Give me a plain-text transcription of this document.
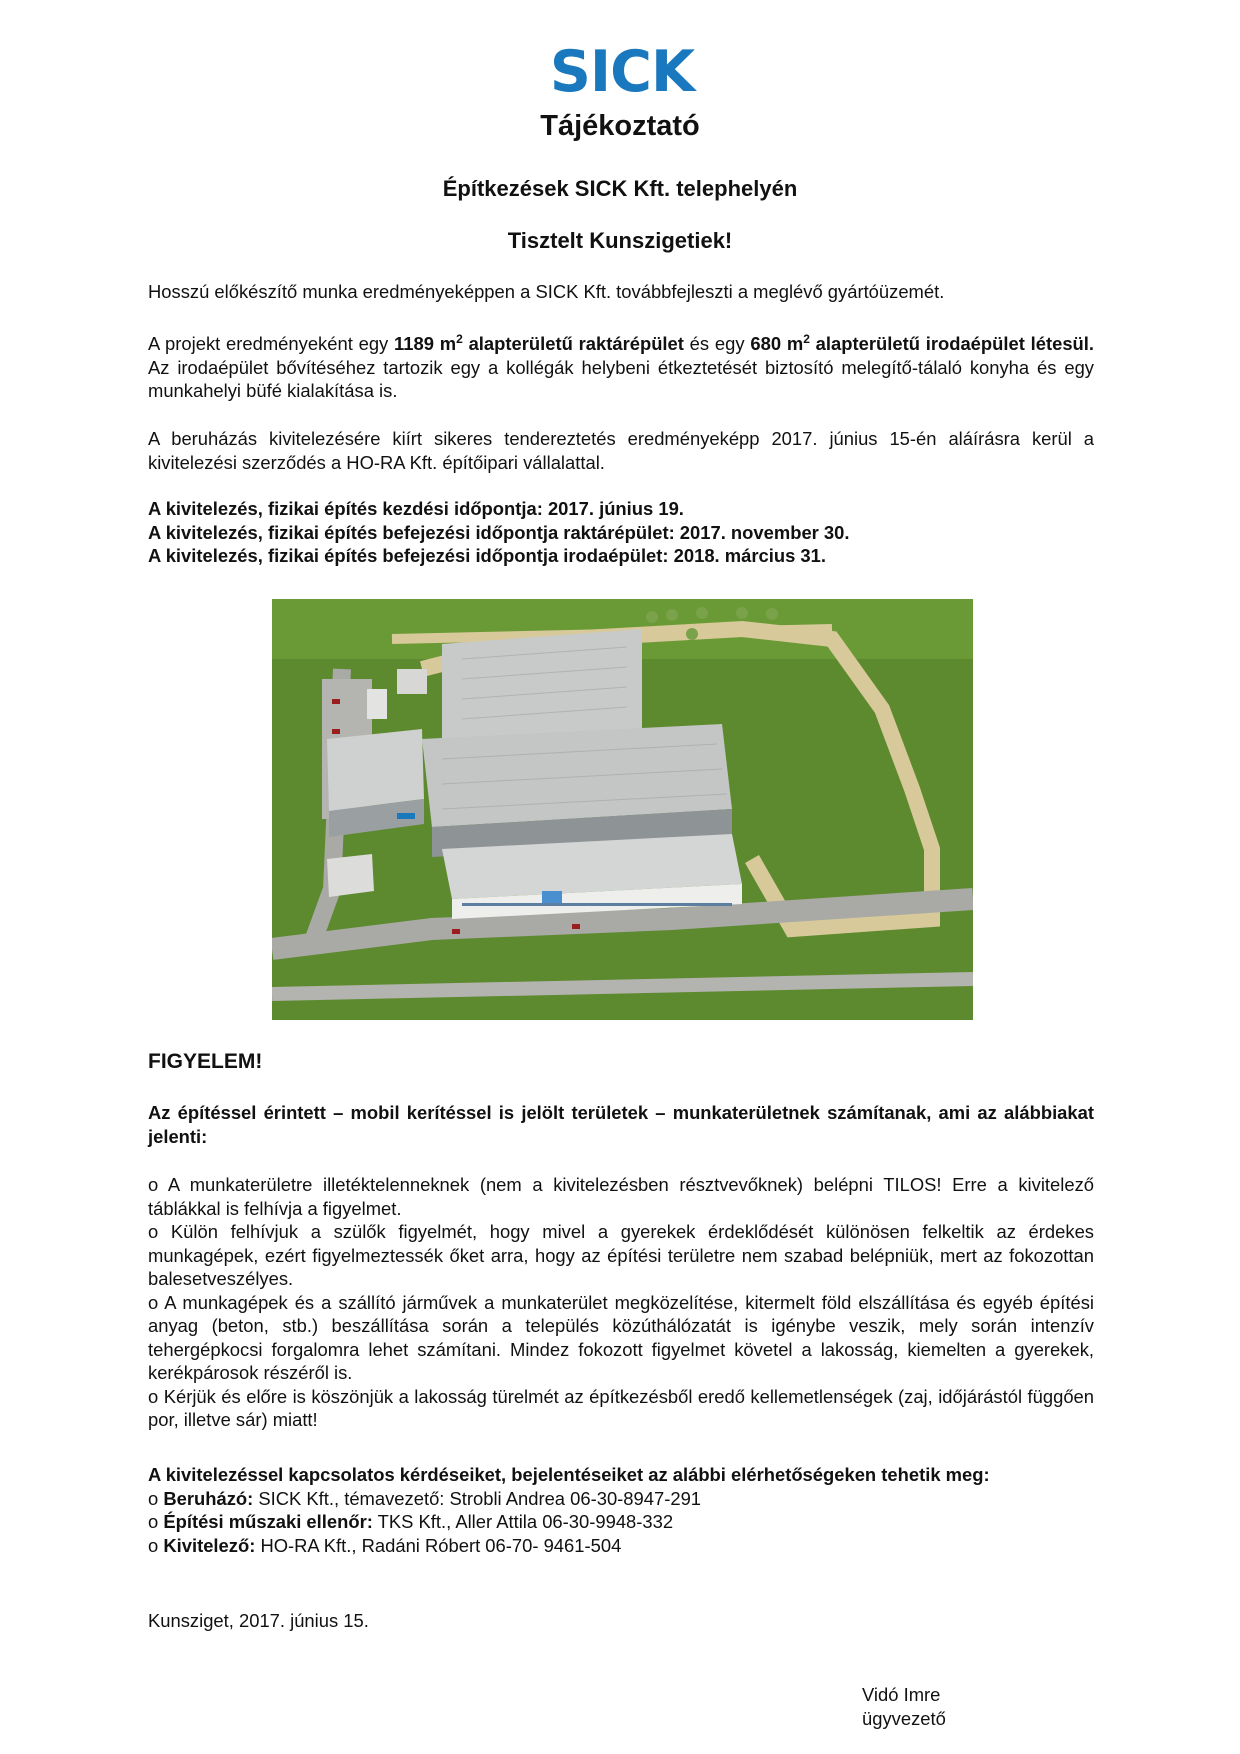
SICK
Tájékoztató
Építkezések SICK Kft. telephelyén
Tisztelt Kunszigetiek!
Hosszú előkészítő munka eredményeképpen a SICK Kft. továbbfejleszti a meglévő gyártóüzemét.
A projekt eredményeként egy 1189 $m^2$ alapterületű raktárépület és egy 680 $m^2$ alapterületű irodaépület létesül. Az irodaépület bővítéséhez tartozik egy a kollégák helybeni étkeztetését biztosító melegítő-tálaló konyha és egy munkahelyi büfé kialakítása is.
A beruházás kivitelezésére kiírt sikeres tendereztetés eredményeképp 2017. június 15-én aláírásra kerül a kivitelezési szerződés a HO-RA Kft. építőipari vállalattal.
A kivitelezés, fizikai építés kezdési időpontja: 2017. június 19.
A kivitelezés, fizikai építés befejezési időpontja raktárépület: 2017. november 30.
A kivitelezés, fizikai építés befejezési időpontja irodaépület: 2018. március 31.
FIGYELEM!
Az építéssel érintett – mobil kerítéssel is jelölt területek – munkaterületnek számítanak, ami az alábbiakat jelenti:

o A munkaterületre illetéktelenneknek (nem a kivitelezésben résztvevőknek) belépni TILOS! Erre a kivitelező táblákkal is felhívja a figyelmet.

o Külön felhívjuk a szülők figyelmét, hogy mivel a gyerekek érdeklődését különösen felkeltik az érdekes munkagépek, ezért figyelmeztessék őket arra, hogy az építési területre nem szabad belépniük, mert az fokozottan balesetveszélyes.

o A munkagépek és a szállító járművek a munkaterület megközelítése, kitermelt föld elszállítása és egyéb építési anyag (beton, stb.) beszállítása során a település közúthálózatát is igénybe veszik, mely során intenzív tehergépkocsi forgalomra lehet számítani. Mindez fokozott figyelmet követel a lakosság, kiemelten a gyerekek, kerékpárosok részéről is.

o Kérjük és előre is köszönjük a lakosság türelmét az építkezésből eredő kellemetlenségek (zaj, időjárástól függően por, illetve sár) miatt!

A kivitelezéssel kapcsolatos kérdéseiket, bejelentéseiket az alábbi elérhetőségeken tehetik meg:
o Beruházó: SICK Kft., témavezető: Strobli Andrea 06-30-8947-291
o Építési műszaki ellenőr: TKS Kft., Aller Attila 06-30-9948-332
o Kivitelező: HO-RA Kft., Radáni Róbert 06-70- 9461-504
Kunsziget, 2017. június 15.
Vidó Imre
ügyvezető
